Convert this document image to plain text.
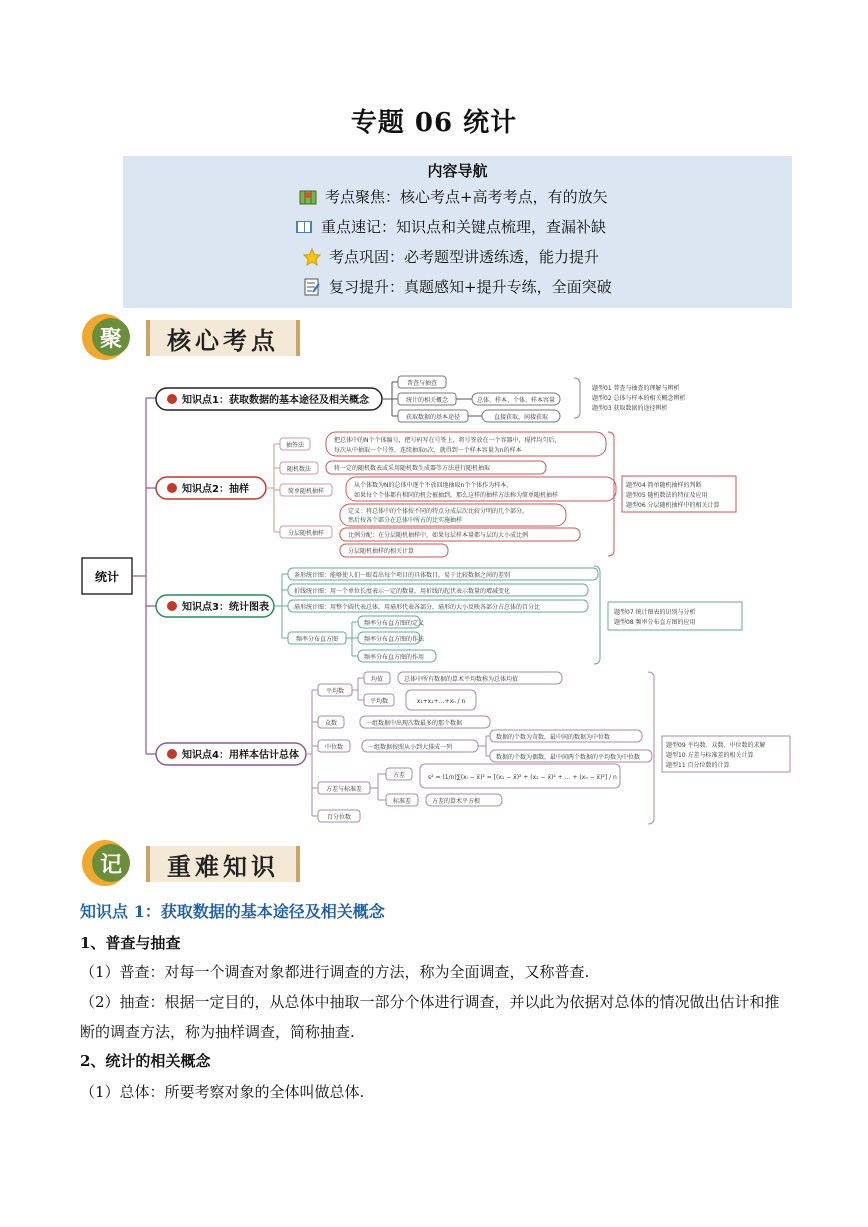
专题 06 统计
内容导航
考点聚焦：核心考点+高考考点，有的放矢
重点速记：知识点和关键点梳理，查漏补缺
考点巩固：必考题型讲透练透，能力提升
复习提升：真题感知+提升专练，全面突破
聚	核心考点
统计
知识点1：获取数据的基本途径及相关概念
普查与抽查
统计的相关概念
获取数据的基本途径
总体、样本、个体、样本容量
直接获取、间接获取
题型01 普查与抽查的理解与辨析
题型02 总体与样本的相关概念辨析
题型03 获取数据的途径辨析
知识点2：抽样
抽签法
随机数法
简单随机抽样
分层随机抽样
把总体中的N个个体编号，把号码写在号签上，将号签放在一个容器中，搅拌均匀后，
每次从中抽取一个号签，连续抽取n次，就得到一个样本容量为n的样本
将一定的随机数表或采用随机数生成器等方法进行随机抽取
从个体数为N的总体中逐个不放回地抽取n个个体作为样本，
如果每个个体都有相同的机会被抽到，那么这样的抽样方法称为简单随机抽样
定义：将总体中的个体按不同的特点分成层次比较分明的几个部分，
然后按各个部分在总体中所占的比实施抽样
比例分配：在分层随机抽样中，如果每层样本量都与层的大小成比例
分层随机抽样的相关计算
题型04 简单随机抽样的判断
题型05 随机数法的特征及应用
题型06 分层随机抽样中的相关计算
知识点3：统计图表
条形统计图：能够使人们一眼看出每个项目的具体数目，易于比较数据之间的差别
折线统计图：用一个单位长度表示一定的数量，用折线的起伏表示数量的增减变化
扇形统计图：用整个圆代表总体，用扇形代表各部分，扇形的大小反映各部分占总体的百分比
频率分布直方图
频率分布直方图的定义
频率分布直方图的作法
频率分布直方图的作用
题型07 统计图表的识别与分析
题型08 频率分布直方图的应用
知识点4：用样本估计总体
平均数
众数
中位数
方差与标准差
百分位数
均值	总体中所有数据的算术平均数称为总体均值
平均数	x₁+x₂+…+xₙ / n
一组数据中出现次数最多的那个数据
一组数据按照从小到大排成一列
数据的个数为奇数，最中间的数据为中位数
数据的个数为偶数，最中间两个数据的平均数为中位数
方差	s² = (1/n)∑(xᵢ − x̄)² = [(x₁ − x̄)² + (x₂ − x̄)² + … + (xₙ − x̄)²] / n
标准差	方差的算术平方根
题型09 平均数、众数、中位数的求解
题型10 方差与标准差的相关计算
题型11 百分位数的计算
记	重难知识
知识点 1：获取数据的基本途径及相关概念
1、普查与抽查
（1）普查：对每一个调查对象都进行调查的方法，称为全面调查，又称普查.
（2）抽查：根据一定目的，从总体中抽取一部分个体进行调查，并以此为依据对总体的情况做出估计和推断的调查方法，称为抽样调查，简称抽查.
2、统计的相关概念
（1）总体：所要考察对象的全体叫做总体.
